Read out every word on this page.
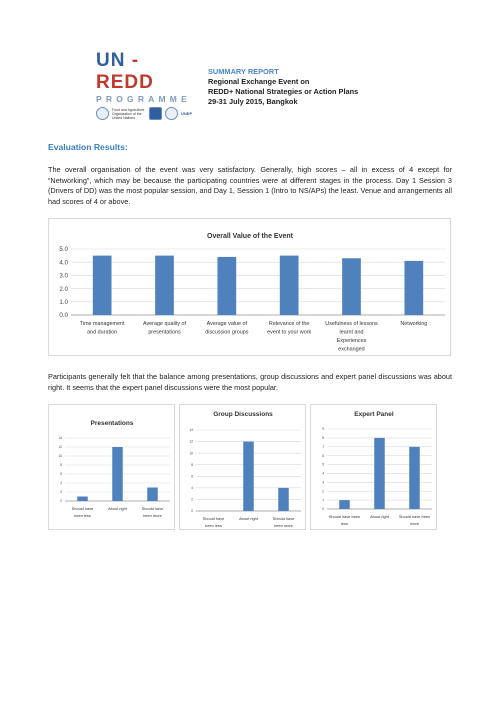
UN -REDD
PROGRAMME
Food and Agriculture Organization of the United Nations
UNEP
SUMMARY REPORT
Regional Exchange Event on
REDD+ National Strategies or Action Plans
29-31 July 2015, Bangkok
Evaluation Results:
The overall organisation of the event was very satisfactory. Generally, high scores – all in excess of 4 except for “Networking”, which may be because the participating countries were at different stages in the process. Day 1 Session 3 (Drivers of DD) was the most popular session, and Day 1, Session 1 (Intro to NS/APs) the least. Venue and arrangements all had scores of 4 or above.
Overall Value of the Event
0.0
1.0
2.0
3.0
4.0
5.0
Time management
and duration
Average quality of
presentations
Average value of
discussion groups
Relevance of the
event to your work
Usefulness of lessons
learnt and
Experiences
exchanged
Networking
Participants generally felt that the balance among presentations, group discussions and expert panel discussions was about right. It seems that the expert panel discussions were the most popular.
Presentations
0
2
4
6
8
10
12
14
Should have
been less
About right	Should have
been more
Group Discussions
0
2
4
6
8
10
12
14
Should have
been less
About right	Should have
been more
Expert Panel
0
1
2
3
4
5
6
7
8
9
Should have been
less
About right	Should have been
more
